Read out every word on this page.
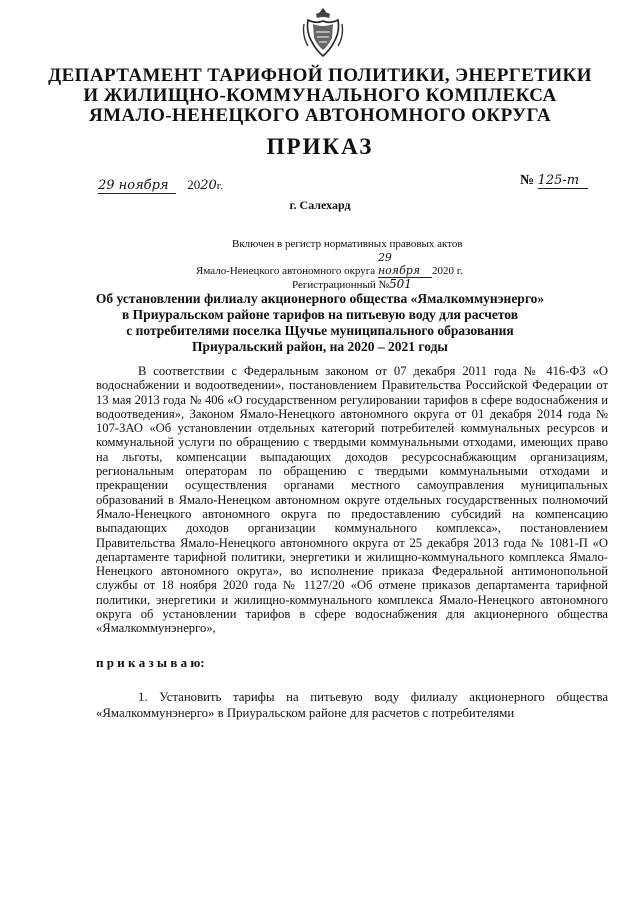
ДЕПАРТАМЕНТ ТАРИФНОЙ ПОЛИТИКИ, ЭНЕРГЕТИКИ
И ЖИЛИЩНО-КОММУНАЛЬНОГО КОМПЛЕКСА
ЯМАЛО-НЕНЕЦКОГО АВТОНОМНОГО ОКРУГА
ПРИКАЗ
29 ноября 2020г.	№ 125-т
г. Салехард
Включен в регистр нормативных правовых актов
Ямало-Ненецкого автономного округа 29 ноября 2020 г.
Регистрационный №501
Об установлении филиалу акционерного общества «Ямалкоммунэнерго»
в Приуральском районе тарифов на питьевую воду для расчетов
с потребителями поселка Щучье муниципального образования
Приуральский район, на 2020 – 2021 годы
В соответствии с Федеральным законом от 07 декабря 2011 года № 416-ФЗ «О водоснабжении и водоотведении», постановлением Правительства Российской Федерации от 13 мая 2013 года № 406 «О государственном регулировании тарифов в сфере водоснабжения и водоотведения», Законом Ямало-Ненецкого автономного округа от 01 декабря 2014 года № 107-ЗАО «Об установлении отдельных категорий потребителей коммунальных ресурсов и коммунальной услуги по обращению с твердыми коммунальными отходами, имеющих право на льготы, компенсации выпадающих доходов ресурсоснабжающим организациям, региональным операторам по обращению с твердыми коммунальными отходами и прекращении осуществления органами местного самоуправления муниципальных образований в Ямало-Ненецком автономном округе отдельных государственных полномочий Ямало-Ненецкого автономного округа по предоставлению субсидий на компенсацию выпадающих доходов организации коммунального комплекса», постановлением Правительства Ямало-Ненецкого автономного округа от 25 декабря 2013 года № 1081-П «О департаменте тарифной политики, энергетики и жилищно-коммунального комплекса Ямало-Ненецкого автономного округа», во исполнение приказа Федеральной антимонопольной службы от 18 ноября 2020 года № 1127/20 «Об отмене приказов департамента тарифной политики, энергетики и жилищно-коммунального комплекса Ямало-Ненецкого автономного округа об установлении тарифов в сфере водоснабжения для акционерного общества «Ямалкоммунэнерго»,
п р и к а з ы в а ю:
1. Установить тарифы на питьевую воду филиалу акционерного общества «Ямалкоммунэнерго» в Приуральском районе для расчетов с потребителями
